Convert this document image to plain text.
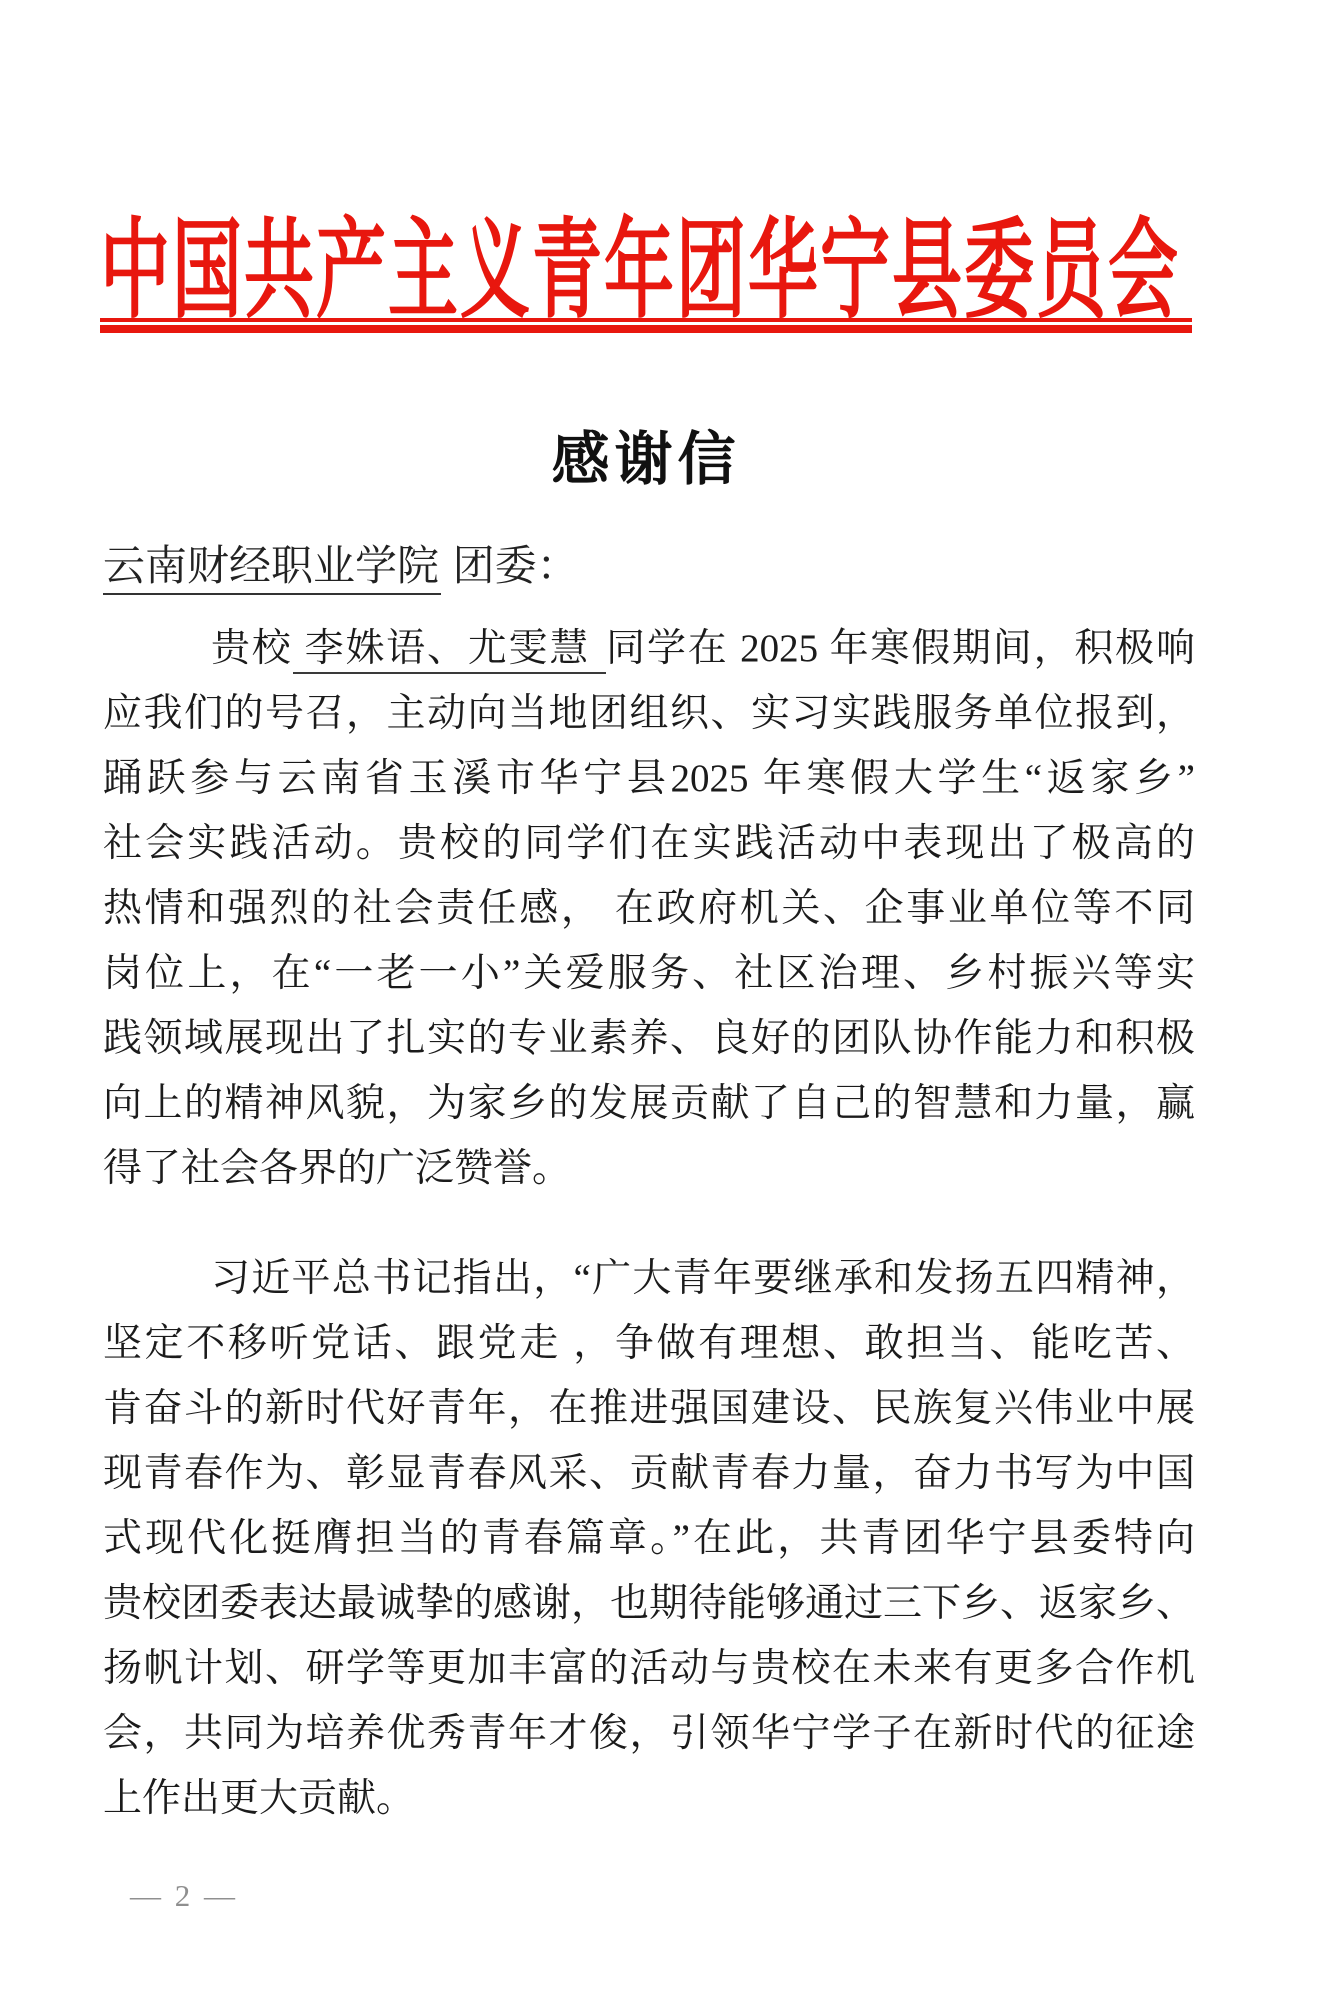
中国共产主义青年团华宁县委员会
感谢信
云南财经职业学院 团委：
贵校 李姝语、尤雯慧 同学在 2025 年寒假期间，积极响
应我们的号召，主动向当地团组织、实习实践服务单位报到，
踊跃参与云南省玉溪市华宁县2025 年寒假大学生“返家乡”
社会实践活动。贵校的同学们在实践活动中表现出了极高的
热情和强烈的社会责任感， 在政府机关、企事业单位等不同
岗位上，在“一老一小”关爱服务、社区治理、乡村振兴等实
践领域展现出了扎实的专业素养、良好的团队协作能力和积极
向上的精神风貌，为家乡的发展贡献了自己的智慧和力量，赢
得了社会各界的广泛赞誉。
习近平总书记指出，“广大青年要继承和发扬五四精神，
坚定不移听党话、跟党走 ，争做有理想、敢担当、能吃苦、
肯奋斗的新时代好青年，在推进强国建设、民族复兴伟业中展
现青春作为、彰显青春风采、贡献青春力量，奋力书写为中国
式现代化挺膺担当的青春篇章。”在此，共青团华宁县委特向
贵校团委表达最诚挚的感谢，也期待能够通过三下乡、返家乡、
扬帆计划、研学等更加丰富的活动与贵校在未来有更多合作机
会，共同为培养优秀青年才俊，引领华宁学子在新时代的征途
上作出更大贡献。
— 2 —
